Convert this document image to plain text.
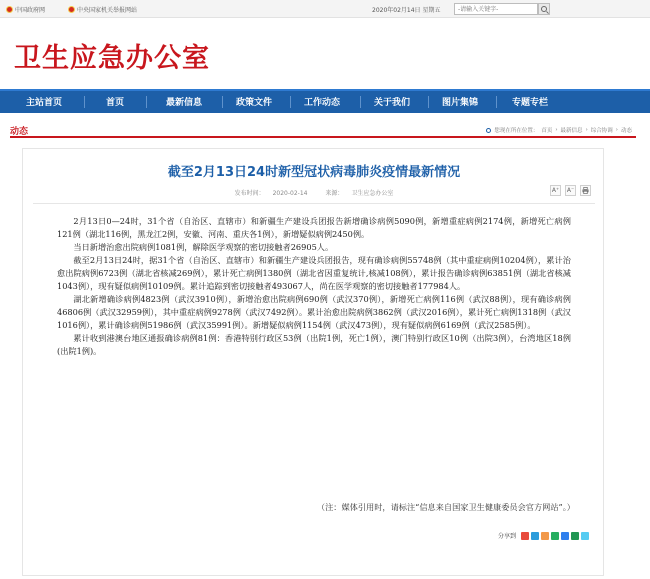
中国政府网	中央国家机关举报网站	2020年02月14日 星期五
-请输入关键字-
卫生应急办公室
主站首页	首页	最新信息	政策文件	工作动态	关于我们	图片集锦	专题专栏
动态	您现在所在位置： 首页 › 最新信息 › 综合协调 › 动态
截至2月13日24时新型冠状病毒肺炎疫情最新情况
发布时间： 2020-02-14	来源： 卫生应急办公室	A⁺ A⁻

2月13日0—24时，31个省（自治区、直辖市）和新疆生产建设兵团报告新增确诊病例5090例，新增重症病例2174例，新增死亡病例121例（湖北116例，黑龙江2例，安徽、河南、重庆各1例），新增疑似病例2450例。

当日新增治愈出院病例1081例，解除医学观察的密切接触者26905人。

截至2月13日24时，据31个省（自治区、直辖市）和新疆生产建设兵团报告，现有确诊病例55748例（其中重症病例10204例），累计治愈出院病例6723例（湖北省核减269例），累计死亡病例1380例（湖北省因重复统计,核减108例），累计报告确诊病例63851例（湖北省核减1043例），现有疑似病例10109例。累计追踪到密切接触者493067人，尚在医学观察的密切接触者177984人。

湖北新增确诊病例4823例（武汉3910例），新增治愈出院病例690例（武汉370例），新增死亡病例116例（武汉88例），现有确诊病例46806例（武汉32959例），其中重症病例9278例（武汉7492例）。累计治愈出院病例3862例（武汉2016例），累计死亡病例1318例（武汉1016例），累计确诊病例51986例（武汉35991例）。新增疑似病例1154例（武汉473例），现有疑似病例6169例（武汉2585例）。

累计收到港澳台地区通报确诊病例81例：香港特别行政区53例（出院1例，死亡1例），澳门特别行政区10例（出院3例），台湾地区18例(出院1例)。

（注：媒体引用时，请标注“信息来自国家卫生健康委员会官方网站”。）
分享到
